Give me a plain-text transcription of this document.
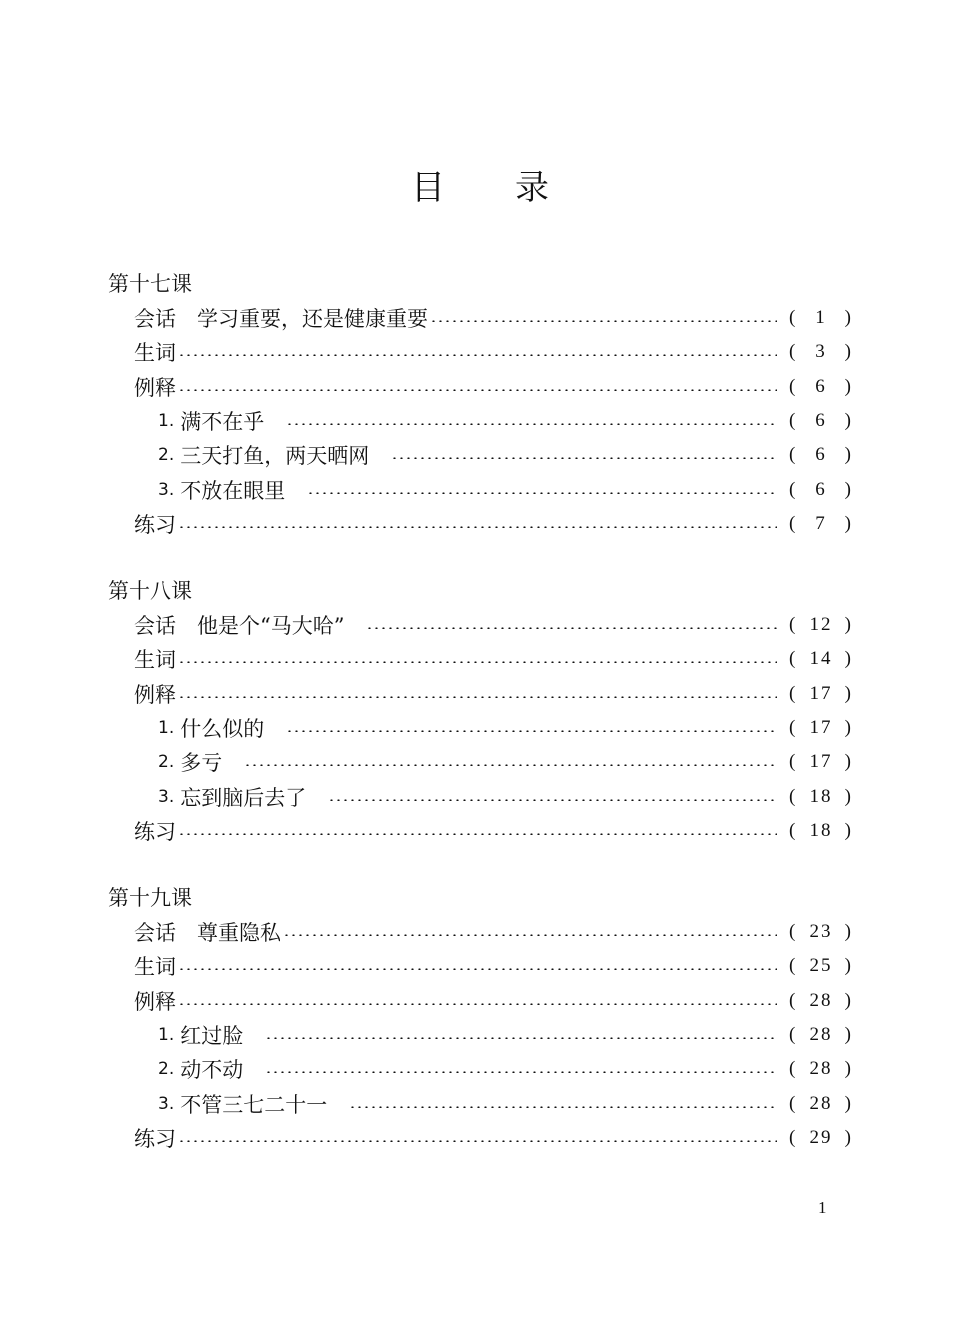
目 录
第十七课
会话　学习重要，还是健康重要	( 1 )
生词	( 3 )
例释	( 6 )
1. 满不在乎	( 6 )
2. 三天打鱼，两天晒网	( 6 )
3. 不放在眼里	( 6 )
练习	( 7 )
第十八课
会话　他是个“马大哈”	( 12 )
生词	( 14 )
例释	( 17 )
1. 什么似的	( 17 )
2. 多亏	( 17 )
3. 忘到脑后去了	( 18 )
练习	( 18 )
第十九课
会话　尊重隐私	( 23 )
生词	( 25 )
例释	( 28 )
1. 红过脸	( 28 )
2. 动不动	( 28 )
3. 不管三七二十一	( 28 )
练习	( 29 )
1
